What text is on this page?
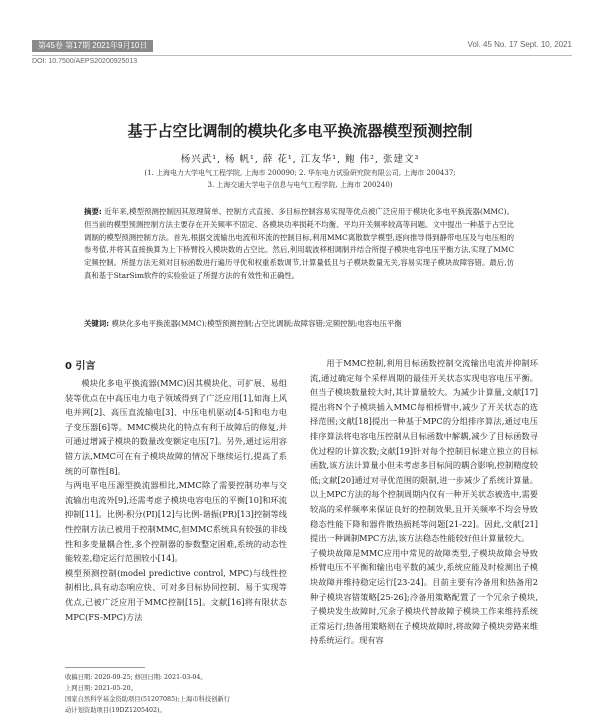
第45卷 第17期 2021年9月10日	Vol. 45 No. 17 Sept. 10, 2021
DOI: 10.7500/AEPS20200925013
基于占空比调制的模块化多电平换流器模型预测控制
杨兴武¹, 杨 帆¹, 薛 花¹, 江友华¹, 鲍 伟², 张建文³
(1. 上海电力大学电气工程学院, 上海市 200090; 2. 华东电力试验研究院有限公司, 上海市 200437;
3. 上海交通大学电子信息与电气工程学院, 上海市 200240)
摘要: 近年来,模型预测控制因其原理简单、控制方式直接、多目标控制容易实现等优点被广泛应用于模块化多电平换流器(MMC)。但当前的模型预测控制方法主要存在开关频率不固定、各模块功率损耗不均衡、平均开关频率较高等问题。文中提出一种基于占空比调制的模型预测控制方法。首先,根据交流输出电流和环流的控制目标,利用MMC离散数学模型,逐向推导得到静带电压及与电压相的参考值,并将其直接换算为上下桥臂投入模块数的占空比。然后,利用载波移相调制并结合所提子模块电容电压平衡方法,实现了MMC定频控制。所提方法无须对目标函数进行遍历寻优和权重系数调节,计算量低且与子模块数量无关,容易实现子模块故障容错。最后,仿真和基于StarSim软件的实验验证了所提方法的有效性和正确性。
关键词: 模块化多电平换流器(MMC);模型预测控制;占空比调制;故障容错;定频控制;电容电压平衡
0 引言
模块化多电平换流器(MMC)因其模块化、可扩展、易组装等优点在中高压电力电子领域得到了广泛应用[1],如海上风电并网[2]、高压直流输电[3]、中压电机驱动[4-5]和电力电子变压器[6]等。MMC模块化的特点有利于故障后的修复,并可通过增减子模块的数量改变额定电压[7]。另外,通过运用容错方法,MMC可在有子模块故障的情况下继续运行,提高了系统的可靠性[8]。
与两电平电压源型换流器相比,MMC除了需要控制功率与交流输出电流外[9],还需考虑子模块电容电压的平衡[10]和环流抑制[11]。比例-积分(PI)[12]与比例-谐振(PR)[13]控制等线性控制方法已被用于控制MMC,但MMC系统具有较强的非线性和多变量耦合性,多个控制器的参数整定困难,系统的动态性能较差,稳定运行范围较小[14]。
模型预测控制(model predictive control, MPC)与线性控制相比,具有动态响应快、可对多目标协同控制、易于实现等优点,已被广泛应用于MMC控制[15]。文献[16]将有限状态MPC(FS-MPC)方法
用于MMC控制,利用目标函数控制交流输出电流并抑制环流,通过确定每个采样周期的最佳开关状态实现电容电压平衡。但当子模块数量较大时,其计算量较大。为减少计算量,文献[17]提出将N个子模块插入MMC每相桥臂中,减少了开关状态的选择范围;文献[18]提出一种基于MPC的分组排序算法,通过电压排序算法将电容电压控制从目标函数中解耦,减少了目标函数寻优过程的计算次数;文献[19]针对每个控制目标建立独立的目标函数,该方法计算量小但未考虑多目标间的耦合影响,控制精度较低;文献[20]通过对寻优范围的限制,进一步减少了系统计算量。以上MPC方法的每个控制周期内仅有一种开关状态被选中,需要较高的采样频率来保证良好的控制效果,且开关频率不均会导致稳态性能下降和器件散热损耗等问题[21-22]。因此,文献[21]提出一种调制MPC方法,该方法稳态性能较好但计算量较大。
子模块故障是MMC应用中常见的故障类型,子模块故障会导致桥臂电压不平衡和输出电平数的减少,系统应能及时检测出子模块故障并维持稳定运行[23-24]。目前主要有冷备用和热备用2种子模块容错策略[25-26];冷备用策略配置了一个冗余子模块,子模块发生故障时,冗余子模块代替故障子模块工作来维持系统正常运行;热备用策略则在子模块故障时,将故障子模块旁路来维持系统运行。现有容
收稿日期: 2020-09-25; 修回日期: 2021-03-04。
上网日期: 2021-05-20。
国家自然科学基金资助项目(51207085);上海市科技创新行
动计划资助项目(19DZ1205402)。
